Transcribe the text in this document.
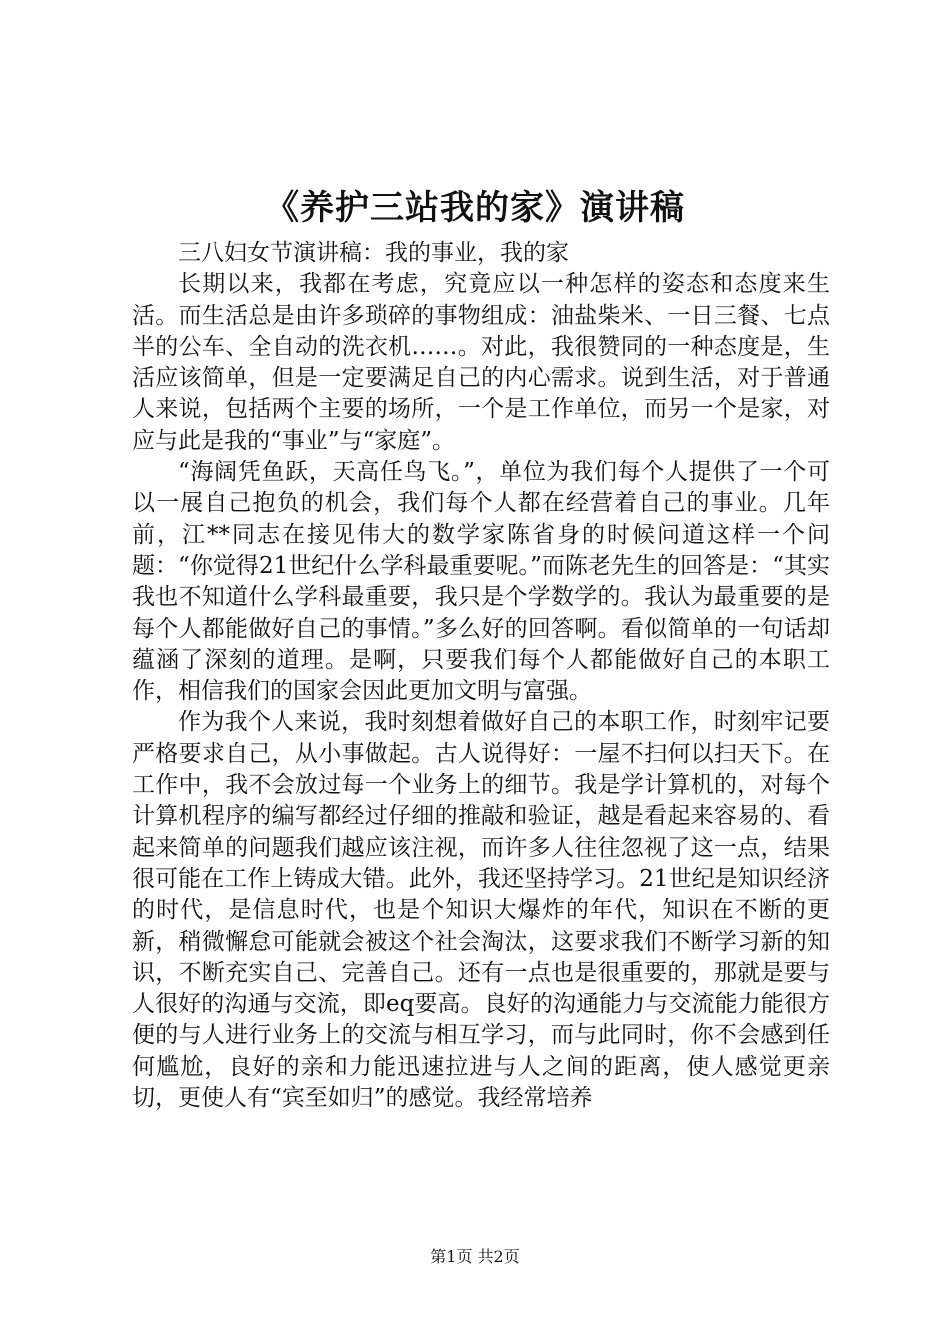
《养护三站我的家》演讲稿

三八妇女节演讲稿：我的事业，我的家

长期以来，我都在考虑，究竟应以一种怎样的姿态和态度来生活。而生活总是由许多琐碎的事物组成：油盐柴米、一日三餐、七点半的公车、全自动的洗衣机……。对此，我很赞同的一种态度是，生活应该简单，但是一定要满足自己的内心需求。说到生活，对于普通人来说，包括两个主要的场所，一个是工作单位，而另一个是家，对应与此是我的“事业”与“家庭”。

“海阔凭鱼跃，天高任鸟飞。”，单位为我们每个人提供了一个可以一展自己抱负的机会，我们每个人都在经营着自己的事业。几年前，江**同志在接见伟大的数学家陈省身的时候问道这样一个问题：“你觉得21世纪什么学科最重要呢。”而陈老先生的回答是：“其实我也不知道什么学科最重要，我只是个学数学的。我认为最重要的是每个人都能做好自己的事情。”多么好的回答啊。看似简单的一句话却蕴涵了深刻的道理。是啊，只要我们每个人都能做好自己的本职工作，相信我们的国家会因此更加文明与富强。

作为我个人来说，我时刻想着做好自己的本职工作，时刻牢记要严格要求自己，从小事做起。古人说得好：一屋不扫何以扫天下。在工作中，我不会放过每一个业务上的细节。我是学计算机的，对每个计算机程序的编写都经过仔细的推敲和验证，越是看起来容易的、看起来简单的问题我们越应该注视，而许多人往往忽视了这一点，结果很可能在工作上铸成大错。此外，我还坚持学习。21世纪是知识经济的时代，是信息时代，也是个知识大爆炸的年代，知识在不断的更新，稍微懈怠可能就会被这个社会淘汰，这要求我们不断学习新的知识，不断充实自己、完善自己。还有一点也是很重要的，那就是要与人很好的沟通与交流，即eq要高。良好的沟通能力与交流能力能很方便的与人进行业务上的交流与相互学习，而与此同时，你不会感到任何尴尬，良好的亲和力能迅速拉进与人之间的距离，使人感觉更亲切，更使人有“宾至如归”的感觉。我经常培养

第1页 共2页
